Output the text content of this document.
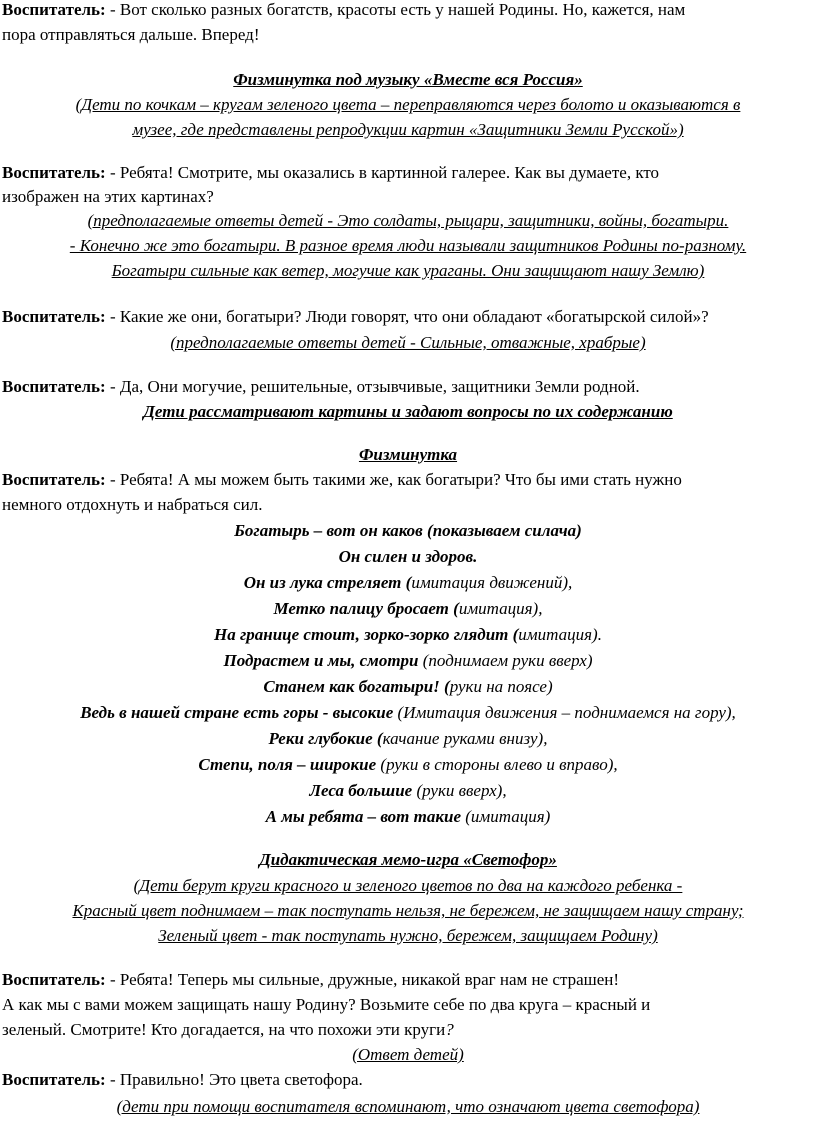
Воспитатель: - Вот сколько разных богатств, красоты есть у нашей Родины. Но, кажется, нам
пора отправляться дальше. Вперед!
Физминутка под музыку «Вместе вся Россия»
(Дети по кочкам – кругам зеленого цвета – переправляются через болото и оказываются в
музее, где представлены репродукции картин «Защитники Земли Русской»)
Воспитатель: - Ребята! Смотрите, мы оказались в картинной галерее. Как вы думаете, кто
изображен на этих картинах?
(предполагаемые ответы детей - Это солдаты, рыцари, защитники, войны, богатыри.
- Конечно же это богатыри. В разное время люди называли защитников Родины по-разному.
Богатыри сильные как ветер, могучие как ураганы. Они защищают нашу Землю)
Воспитатель: - Какие же они, богатыри? Люди говорят, что они обладают «богатырской силой»?
(предполагаемые ответы детей - Сильные, отважные, храбрые)
Воспитатель: - Да, Они могучие, решительные, отзывчивые, защитники Земли родной.
Дети рассматривают картины и задают вопросы по их содержанию
Физминутка
Воспитатель: - Ребята! А мы можем быть такими же, как богатыри? Что бы ими стать нужно
немного отдохнуть и набраться сил.
Богатырь – вот он каков (показываем силача)
Он силен и здоров.
Он из лука стреляет (имитация движений),
Метко палицу бросает (имитация),
На границе стоит, зорко-зорко глядит (имитация).
Подрастем и мы, смотри (поднимаем руки вверх)
Станем как богатыри! (руки на поясе)
Ведь в нашей стране есть горы - высокие (Имитация движения – поднимаемся на гору),
Реки глубокие (качание руками внизу),
Степи, поля – широкие (руки в стороны влево и вправо),
Леса большие (руки вверх),
А мы ребята – вот такие (имитация)
Дидактическая мемо-игра «Светофор»
(Дети берут круги красного и зеленого цветов по два на каждого ребенка -
Красный цвет поднимаем – так поступать нельзя, не бережем, не защищаем нашу страну;
Зеленый цвет - так поступать нужно, бережем, защищаем Родину)
Воспитатель: - Ребята! Теперь мы сильные, дружные, никакой враг нам не страшен!
А как мы с вами можем защищать нашу Родину? Возьмите себе по два круга – красный и
зеленый. Смотрите! Кто догадается, на что похожи эти круги?
(Ответ детей)
Воспитатель: - Правильно! Это цвета светофора.
(дети при помощи воспитателя вспоминают, что означают цвета светофора)
